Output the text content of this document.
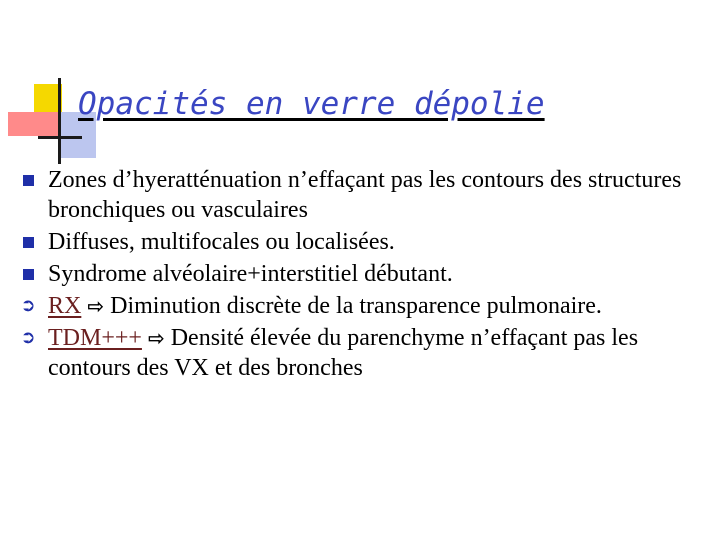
Opacités en verre dépolie
Zones d’hyeratténuation n’effaçant pas les contours des structures bronchiques ou vasculaires
Diffuses, multifocales ou localisées.
Syndrome alvéolaire+interstitiel débutant.
➲ RX ⇨ Diminution discrète de la transparence pulmonaire.
➲ TDM+++ ⇨ Densité élevée du parenchyme n’effaçant pas les contours des VX et des bronches
